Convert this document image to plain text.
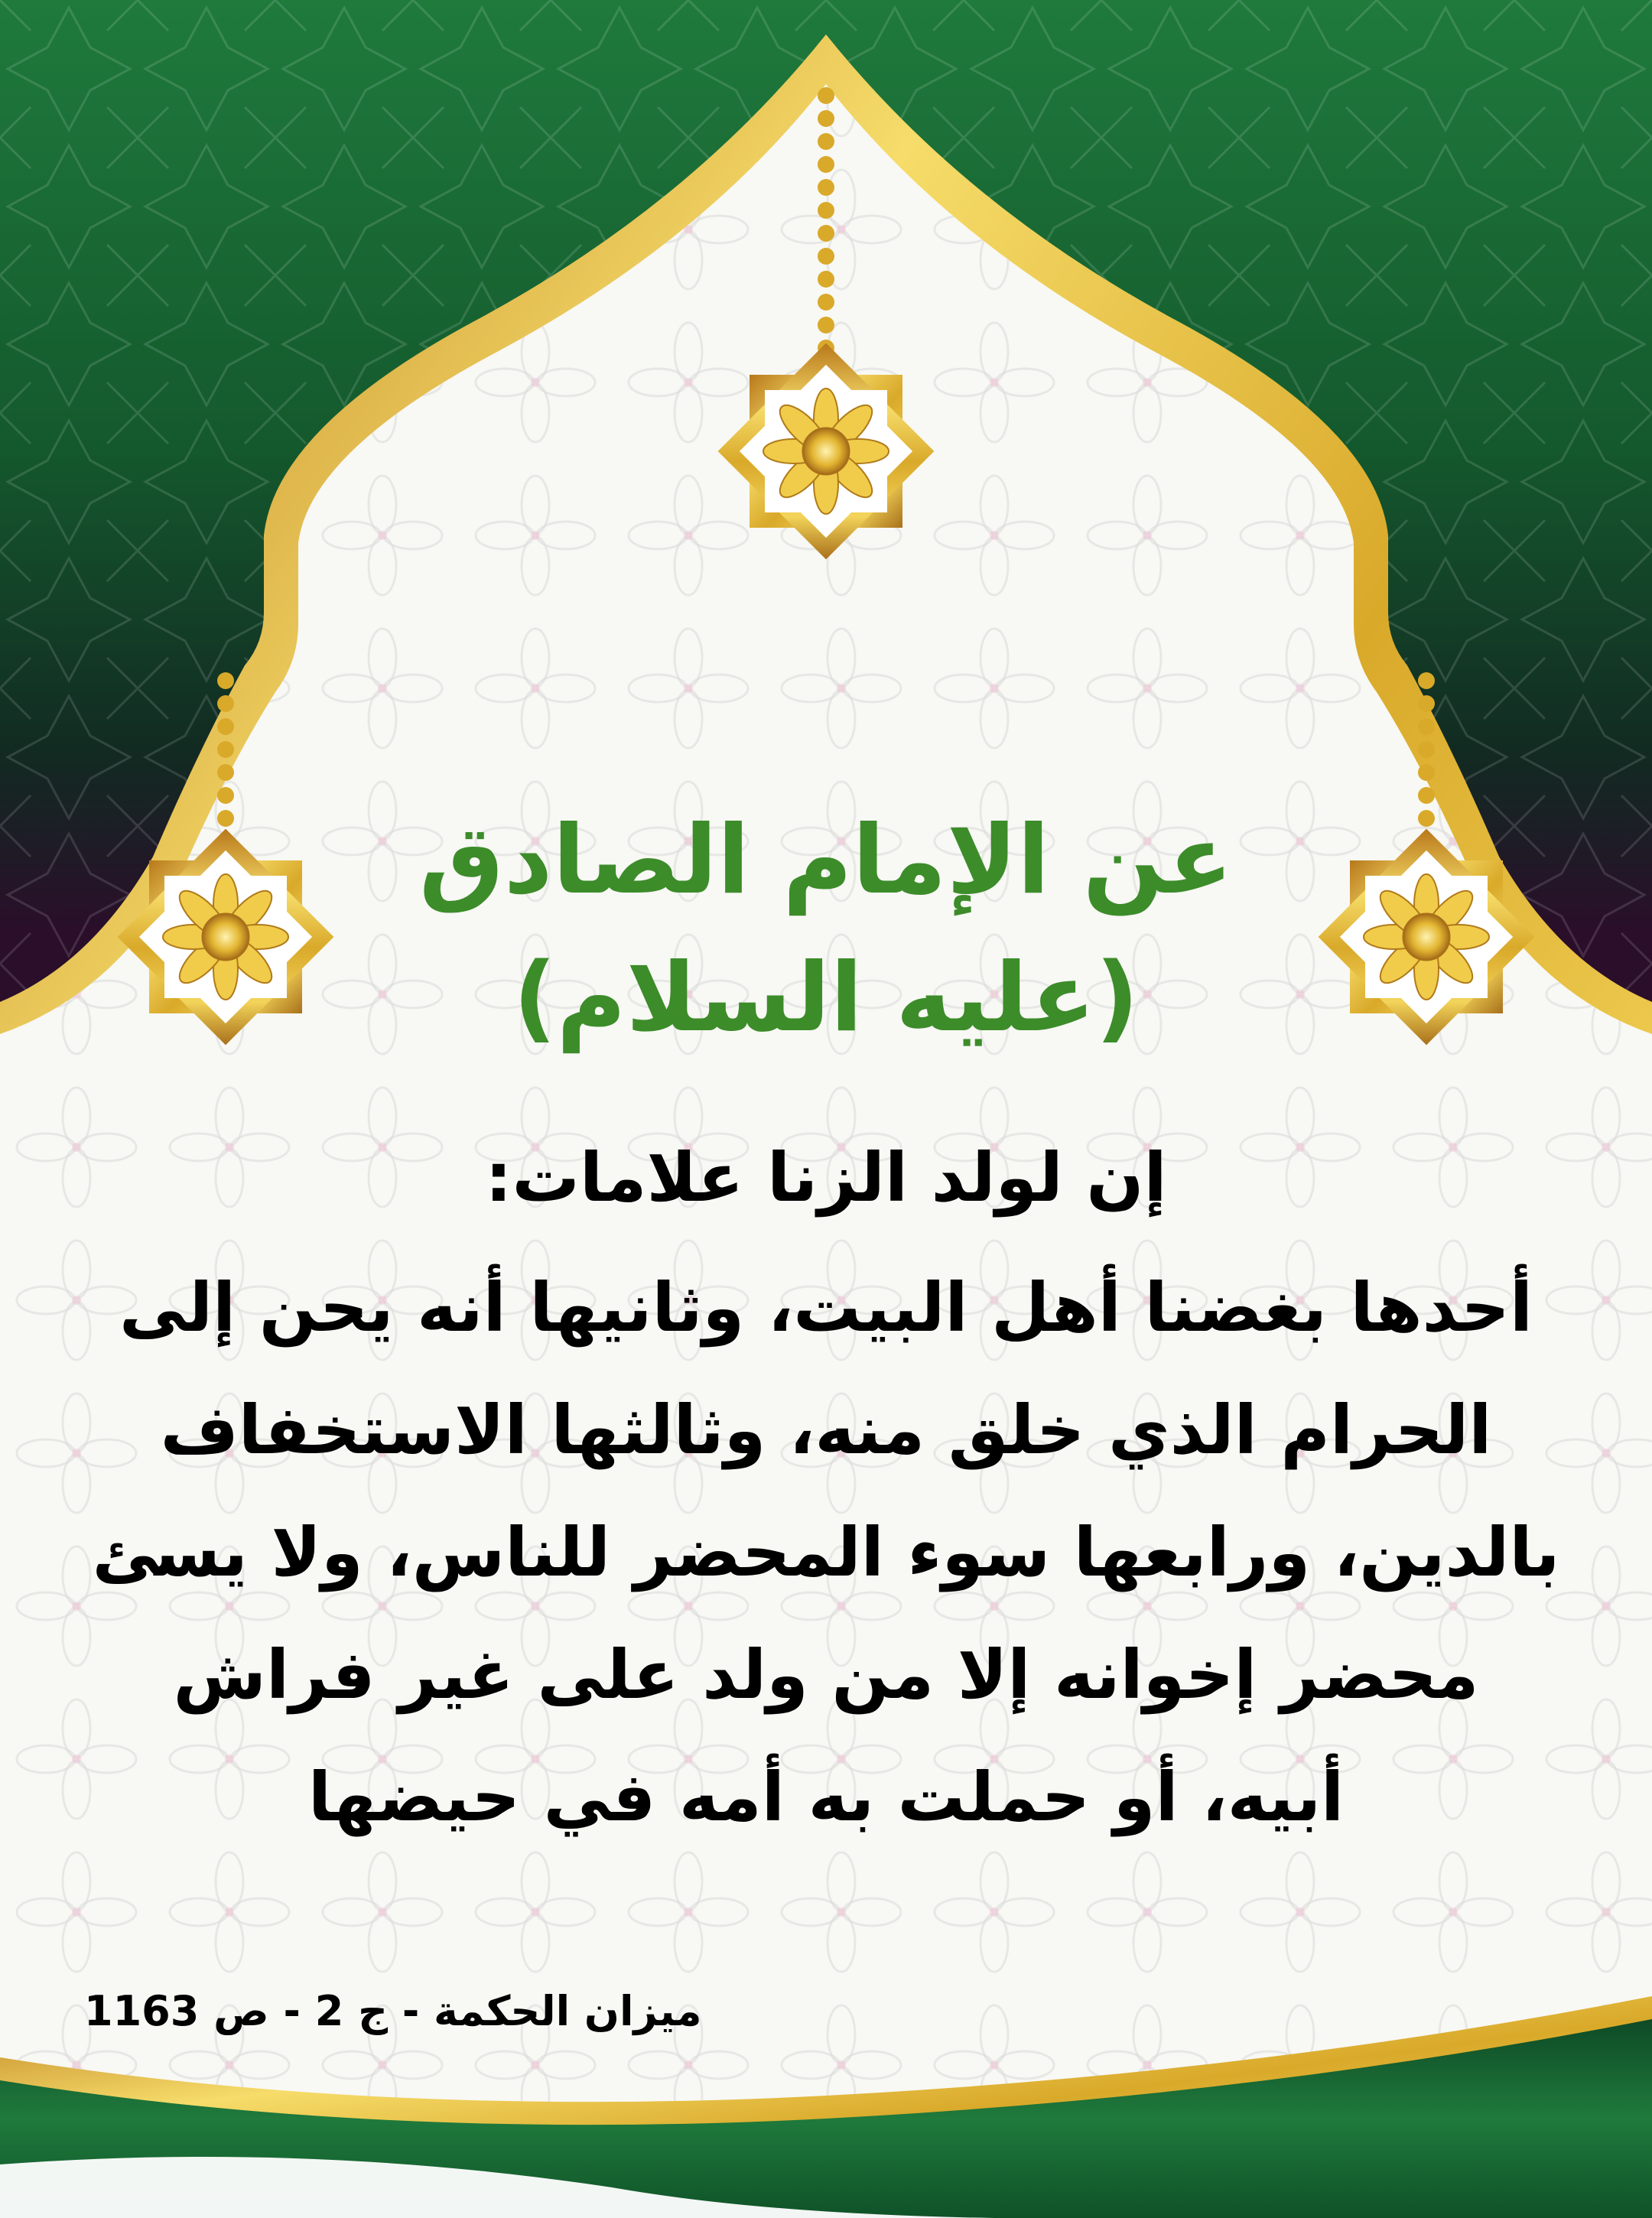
عن الإمام الصادق
(عليه السلام)
إن لولد الزنا علامات:
أحدها بغضنا أهل البيت، وثانيها أنه يحن إلى
الحرام الذي خلق منه، وثالثها الاستخفاف
بالدين، ورابعها سوء المحضر للناس، ولا يسئ
محضر إخوانه إلا من ولد على غير فراش
أبيه، أو حملت به أمه في حيضها
ميزان الحكمة - ج 2 - ص 1163
